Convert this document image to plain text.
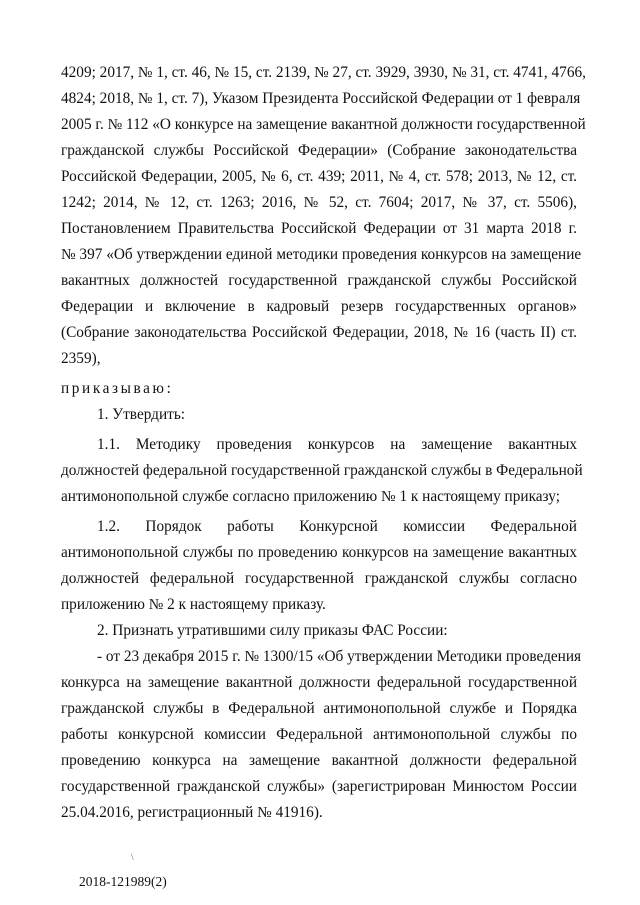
4209; 2017, № 1, ст. 46, № 15, ст. 2139, № 27, ст. 3929, 3930, № 31, ст. 4741, 4766,
4824; 2018, № 1, ст. 7), Указом Президента Российской Федерации от 1 февраля
2005 г. № 112 «О конкурсе на замещение вакантной должности государственной
гражданской службы Российской Федерации» (Собрание законодательства
Российской Федерации, 2005, № 6, ст. 439; 2011, № 4, ст. 578; 2013, № 12, ст.
1242; 2014, № 12, ст. 1263; 2016, № 52, ст. 7604; 2017, № 37, ст. 5506),
Постановлением Правительства Российской Федерации от 31 марта 2018 г.
№ 397 «Об утверждении единой методики проведения конкурсов на замещение
вакантных должностей государственной гражданской службы Российской
Федерации и включение в кадровый резерв государственных органов»
(Собрание законодательства Российской Федерации, 2018, № 16 (часть II) ст.
2359),
приказываю:
1. Утвердить:
1.1. Методику проведения конкурсов на замещение вакантных
должностей федеральной государственной гражданской службы в Федеральной
антимонопольной службе согласно приложению № 1 к настоящему приказу;
1.2. Порядок работы Конкурсной комиссии Федеральной
антимонопольной службы по проведению конкурсов на замещение вакантных
должностей федеральной государственной гражданской службы согласно
приложению № 2 к настоящему приказу.
2. Признать утратившими силу приказы ФАС России:
- от 23 декабря 2015 г. № 1300/15 «Об утверждении Методики проведения
конкурса на замещение вакантной должности федеральной государственной
гражданской службы в Федеральной антимонопольной службе и Порядка
работы конкурсной комиссии Федеральной антимонопольной службы по
проведению конкурса на замещение вакантной должности федеральной
государственной гражданской службы» (зарегистрирован Минюстом России
25.04.2016, регистрационный № 41916).
\
2018-121989(2)
